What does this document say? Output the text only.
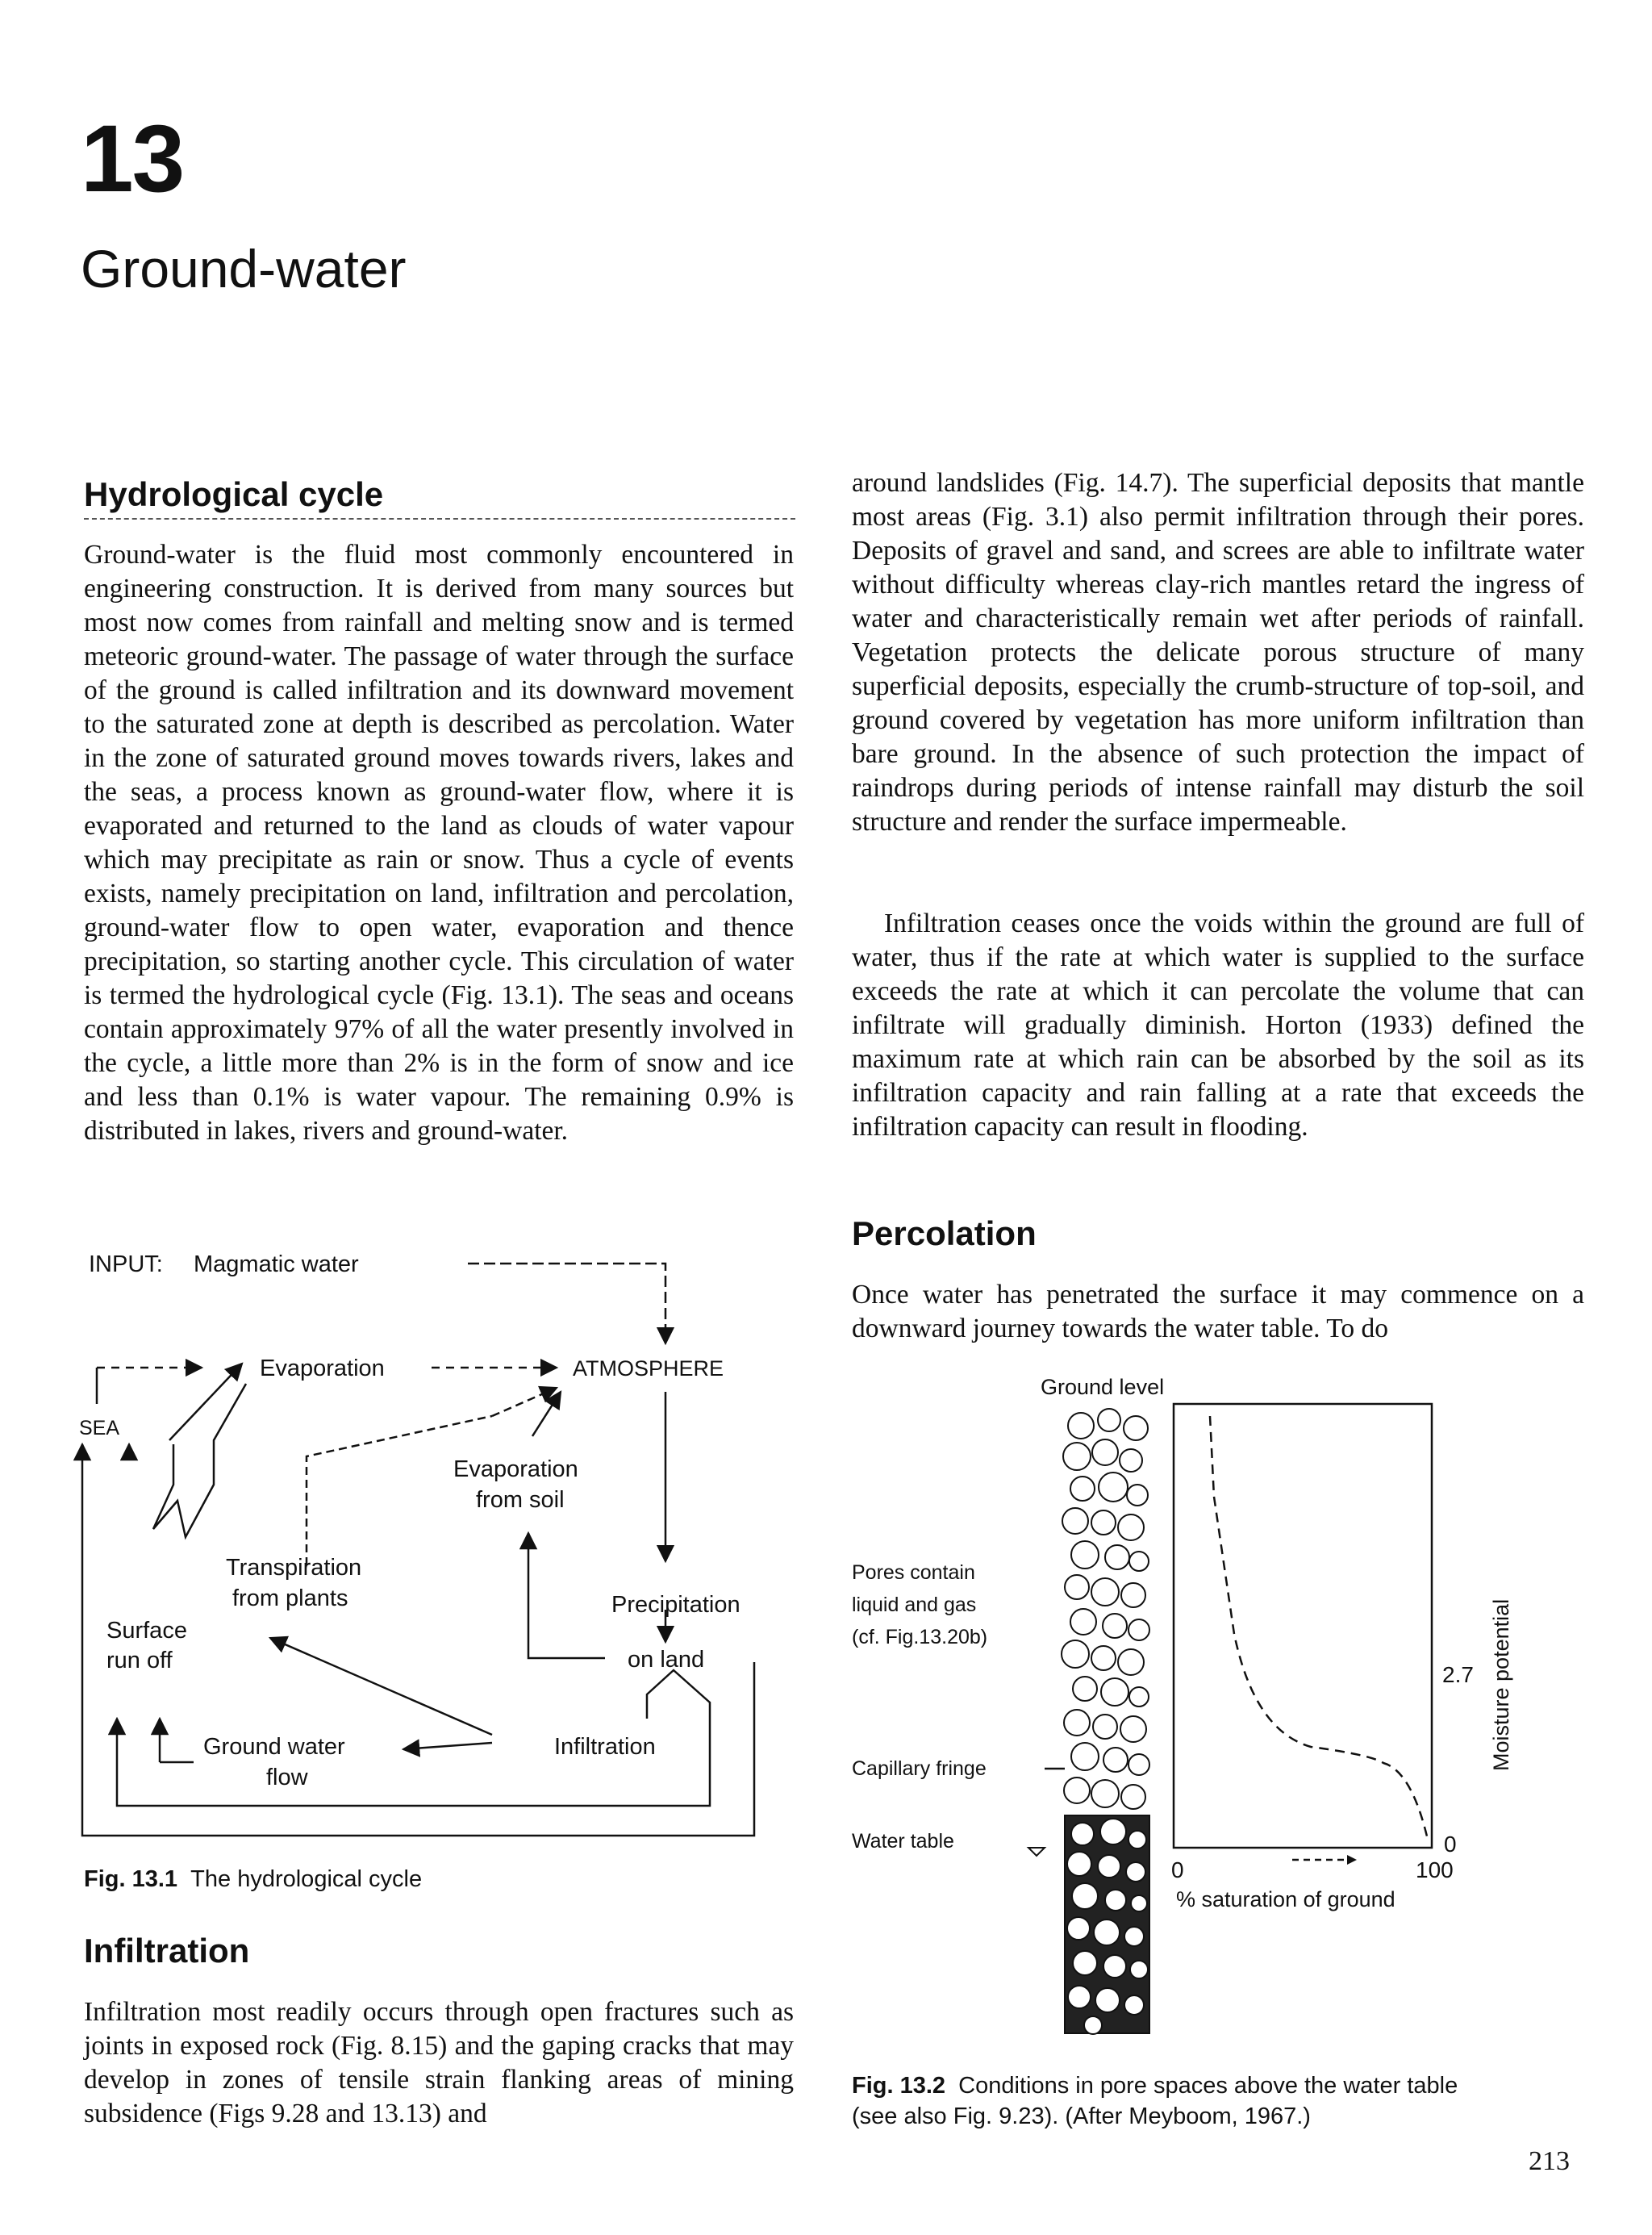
13
Ground-water
Hydrological cycle

Ground-water is the fluid most commonly encountered in engineering construction. It is derived from many sources but most now comes from rainfall and melting snow and is termed meteoric ground-water. The passage of water through the surface of the ground is called infiltration and its downward movement to the saturated zone at depth is described as percolation. Water in the zone of saturated ground moves towards rivers, lakes and the seas, a process known as ground-water flow, where it is evaporated and returned to the land as clouds of water vapour which may precipitate as rain or snow. Thus a cycle of events exists, namely precipitation on land, infiltration and percolation, ground-water flow to open water, evaporation and thence precipitation, so starting another cycle. This circulation of water is termed the hydrological cycle (Fig. 13.1). The seas and oceans contain approximately 97% of all the water presently involved in the cycle, a little more than 2% is in the form of snow and ice and less than 0.1% is water vapour. The remaining 0.9% is distributed in lakes, rivers and ground-water.

INPUT: Magmatic water
Evaporation	ATMOSPHERE
SEA
Evaporation
from soil
Transpiration
from plants	Precipitation
on land
Surface
run off
Ground water
flow
Infiltration

Fig. 13.1 The hydrological cycle

Infiltration

Infiltration most readily occurs through open fractures such as joints in exposed rock (Fig. 8.15) and the gaping cracks that may develop in zones of tensile strain flanking areas of mining subsidence (Figs 9.28 and 13.13) and

around landslides (Fig. 14.7). The superficial deposits that mantle most areas (Fig. 3.1) also permit infiltration through their pores. Deposits of gravel and sand, and screes are able to infiltrate water without difficulty whereas clay-rich mantles retard the ingress of water and characteristically remain wet after periods of rainfall. Vegetation protects the delicate porous structure of many superficial deposits, especially the crumb-structure of top-soil, and ground covered by vegetation has more uniform infiltration than bare ground. In the absence of such protection the impact of raindrops during periods of intense rainfall may disturb the soil structure and render the surface impermeable.

Infiltration ceases once the voids within the ground are full of water, thus if the rate at which water is supplied to the surface exceeds the rate at which it can percolate the volume that can infiltrate will gradually diminish. Horton (1933) defined the maximum rate at which rain can be absorbed by the soil as its infiltration capacity and rain falling at a rate that exceeds the infiltration capacity can result in flooding.

Percolation

Once water has penetrated the surface it may commence on a downward journey towards the water table. To do

Ground level
Pores contain
liquid and gas
(cf. Fig.13.20b)
Capillary fringe
Water table
2.7
0
0	100
% saturation of ground
Moisture potential

Fig. 13.2 Conditions in pore spaces above the water table
(see also Fig. 9.23). (After Meyboom, 1967.)

213
